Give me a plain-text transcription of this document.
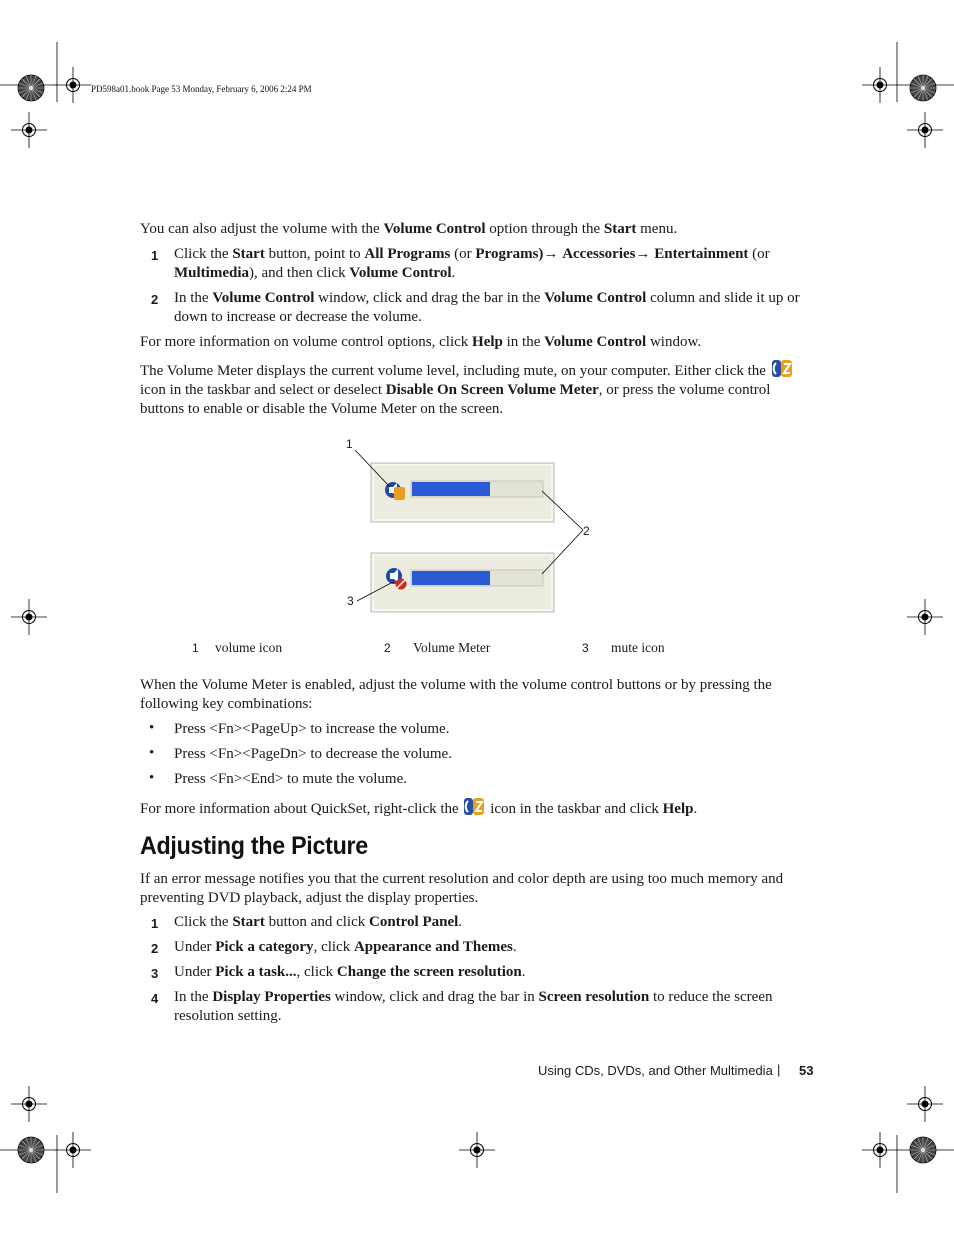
PD598a01.book Page 53 Monday, February 6, 2006 2:24 PM
You can also adjust the volume with the Volume Control option through the Start menu.
1 Click the Start button, point to All Programs (or Programs)→ Accessories→ Entertainment (or Multimedia), and then click Volume Control.
2 In the Volume Control window, click and drag the bar in the Volume Control column and slide it up or down to increase or decrease the volume.
For more information on volume control options, click Help in the Volume Control window.
The Volume Meter displays the current volume level, including mute, on your computer. Either click the  icon in the taskbar and select or deselect Disable On Screen Volume Meter, or press the volume control buttons to enable or disable the Volume Meter on the screen.
1
2
3
1 volume icon	2 Volume Meter	3 mute icon
When the Volume Meter is enabled, adjust the volume with the volume control buttons or by pressing the following key combinations:
• Press <Fn><PageUp> to increase the volume.
• Press <Fn><PageDn> to decrease the volume.
• Press <Fn><End> to mute the volume.
For more information about QuickSet, right-click the  icon in the taskbar and click Help.
Adjusting the Picture
If an error message notifies you that the current resolution and color depth are using too much memory and preventing DVD playback, adjust the display properties.
1 Click the Start button and click Control Panel.
2 Under Pick a category, click Appearance and Themes.
3 Under Pick a task..., click Change the screen resolution.
4 In the Display Properties window, click and drag the bar in Screen resolution to reduce the screen resolution setting.
Using CDs, DVDs, and Other Multimedia | 53
